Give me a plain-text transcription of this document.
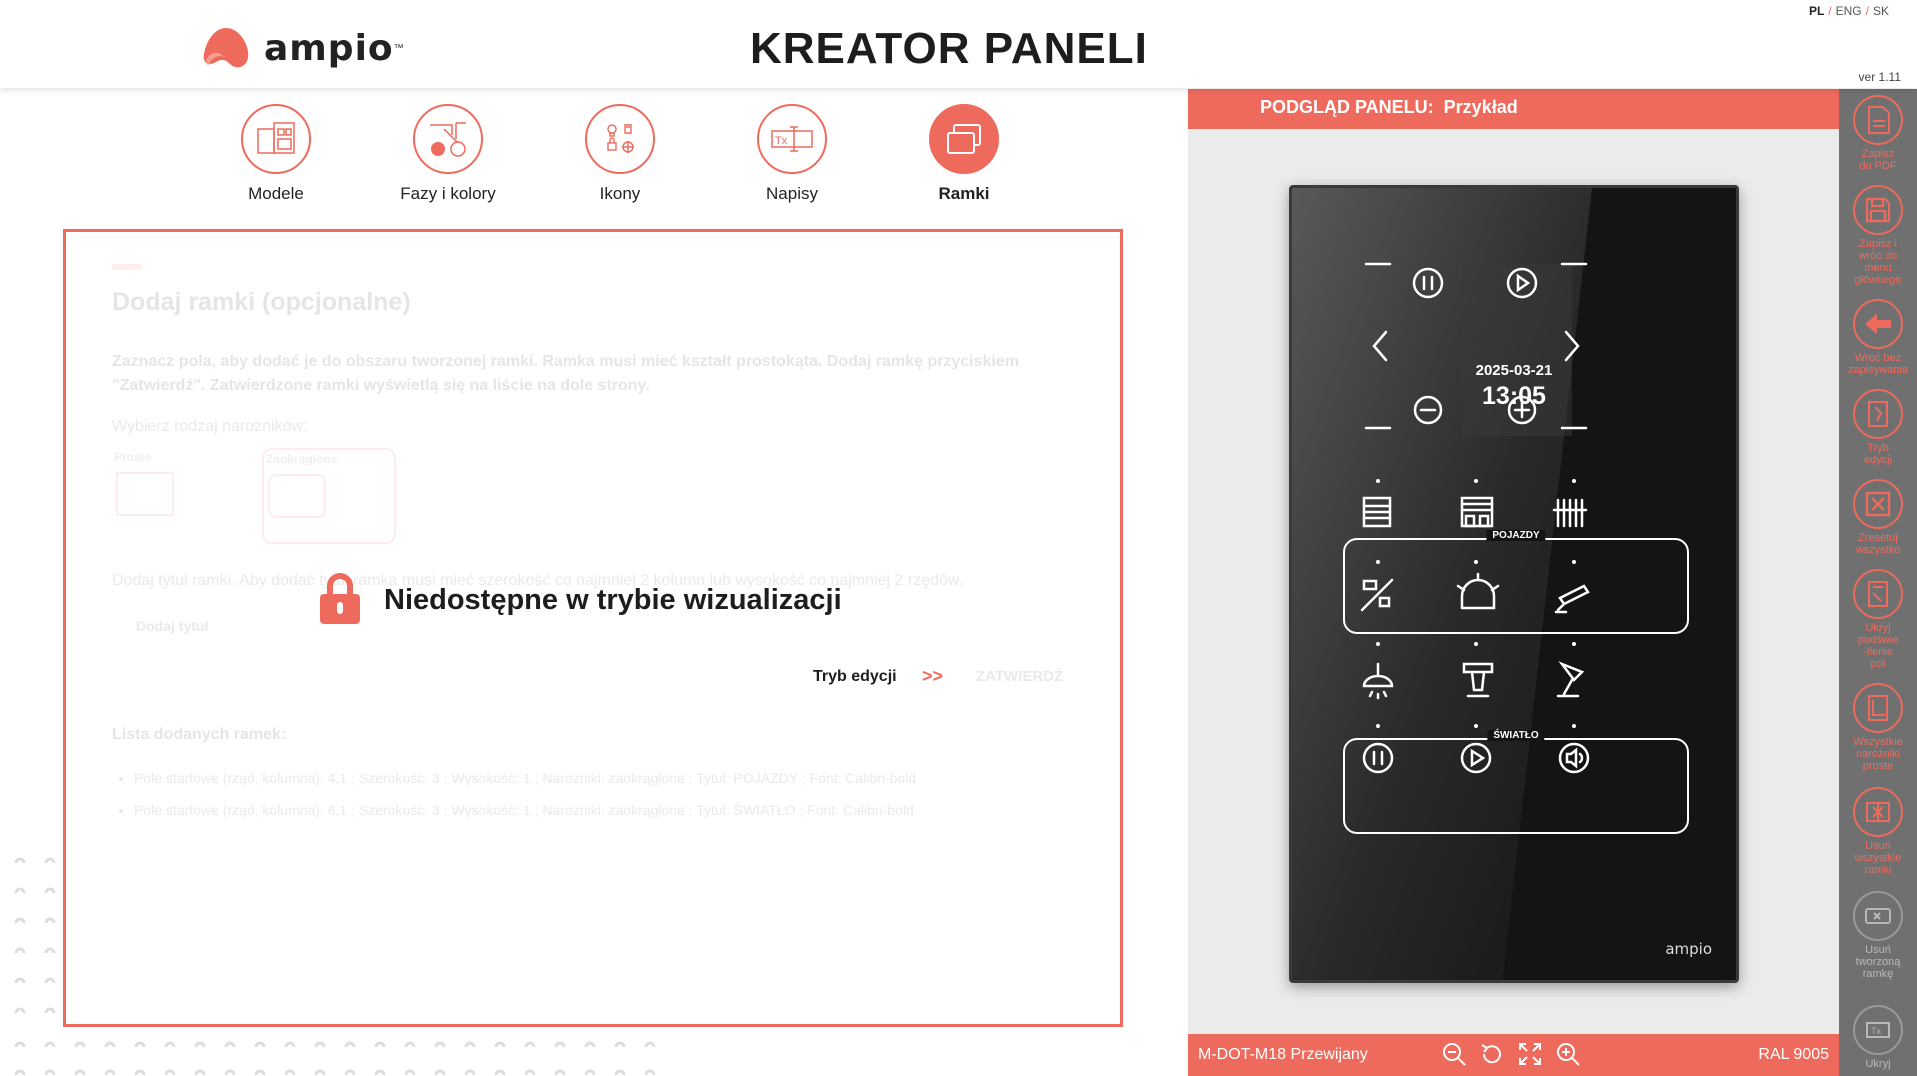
ampio ™	KREATOR PANELI
PL / ENG / SK
ver 1.11
Modele	Fazy i kolory	Ikony
Tx
Napisy	Ramki
Dodaj ramki (opcjonalne)
Zaznacz pola, aby dodać je do obszaru tworzonej ramki. Ramka musi mieć kształt prostokąta. Dodaj ramkę przyciskiem "Zatwierdź". Zatwierdzone ramki wyświetlą się na liście na dole strony.
Wybierz rodzaj narożników:
Proste	Zaokrąglone
Dodaj tytuł ramki. Aby dodać tytuł ramka musi mieć szerokość co najmniej 2 kolumn lub wysokość co najmniej 2 rzędów.
Dodaj tytuł
ZATWIERDŹ
Lista dodanych ramek:
• Pole startowe (rząd, kolumna): 4,1 ; Szerokość: 3 ; Wysokość: 1 ; Narożniki: zaokrąglone ; Tytuł: POJAZDY ; Font: Calibri-bold
• Pole startowe (rząd, kolumna): 6,1 ; Szerokość: 3 ; Wysokość: 1 ; Narożniki: zaokrąglone ; Tytuł: ŚWIATŁO ; Font: Calibri-bold
Niedostępne w trybie wizualizacji
Tryb edycji >>
PODGLĄD PANELU: Przykład
2025-03-21
13:05
POJAZDY
ŚWIATŁO
ampio
M-DOT-M18 Przewijany	RAL 9005
Zapisz
do PDF
Zapisz i
wróć do
menu
głównego
Wróć bez
zapisywania
Tryb
edycji
Zresetuj
wszystko
Ukryj
podświe
-tlenie
pól
Wszystkie
narożniki
proste
Usuń
wszystkie
ramki
Usuń
tworzoną
ramkę
Tx
Ukryj
